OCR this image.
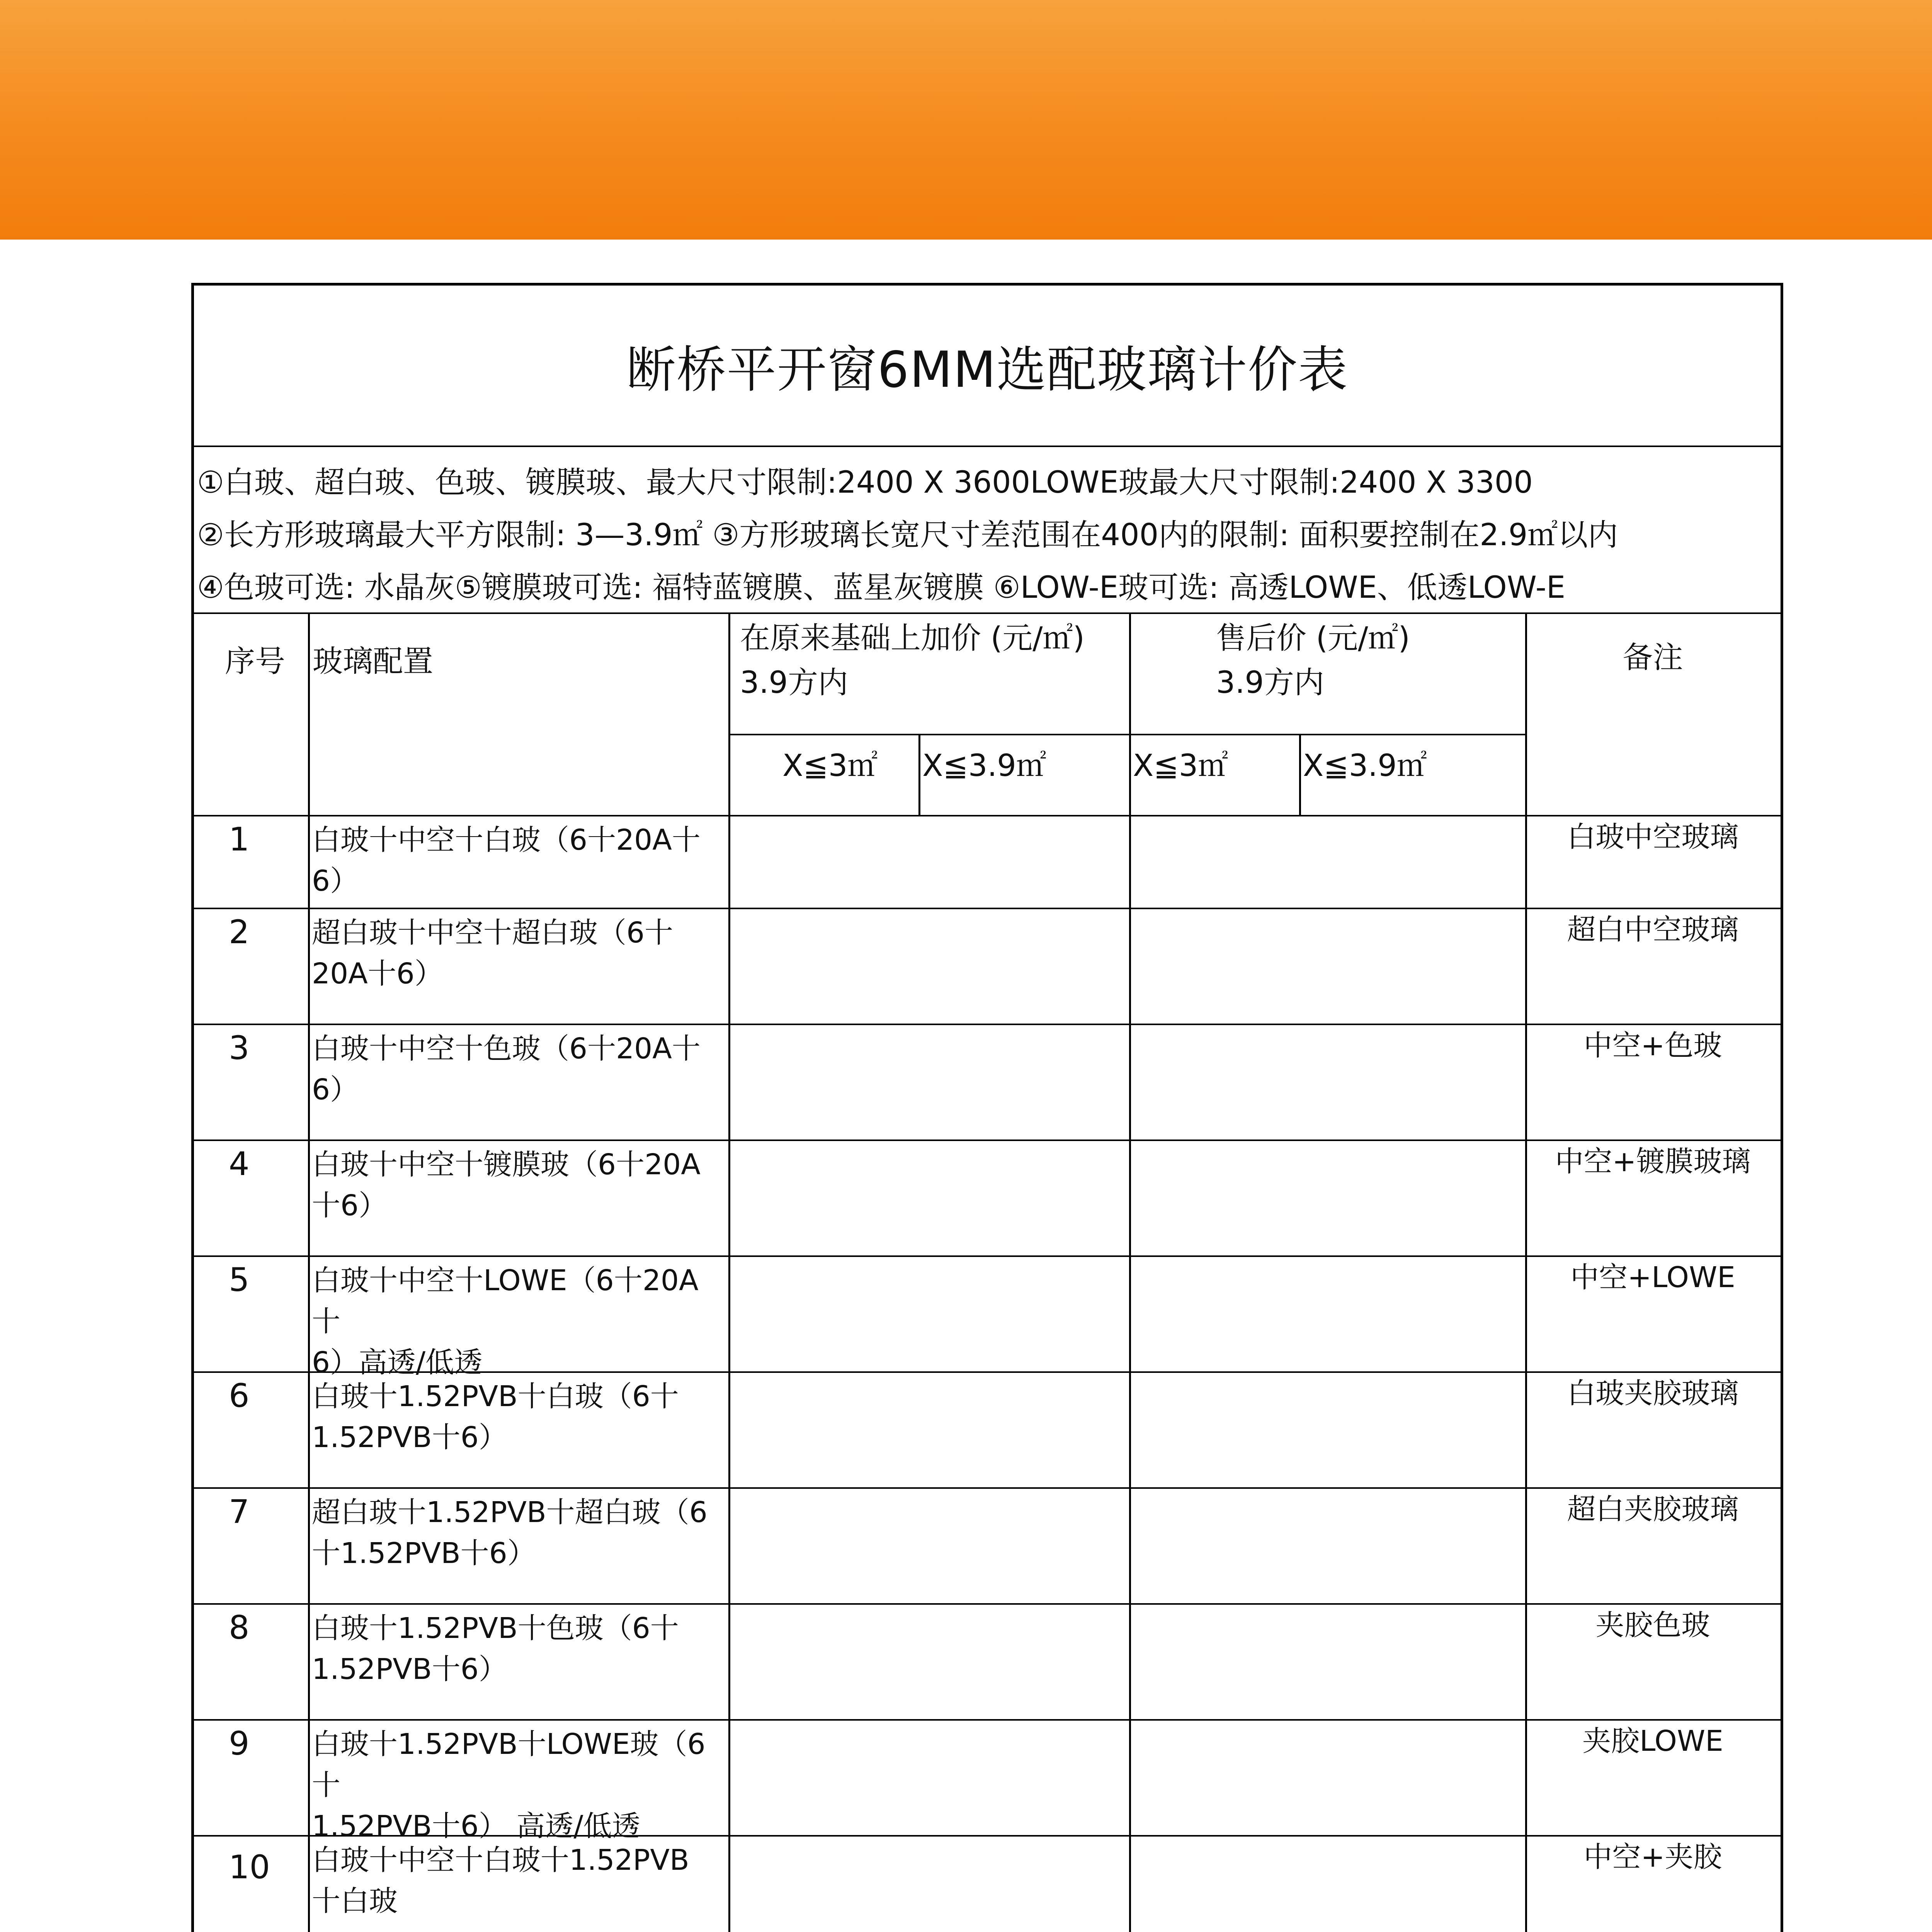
断桥平开窗6MM选配玻璃计价表
①白玻、超白玻、色玻、镀膜玻、最大尺寸限制:2400 X 3600LOWE玻最大尺寸限制:2400 X 3300
②长方形玻璃最大平方限制: 3—3.9㎡ ③方形玻璃长宽尺寸差范围在400内的限制: 面积要控制在2.9㎡以内
④色玻可选: 水晶灰⑤镀膜玻可选: 福特蓝镀膜、蓝星灰镀膜 ⑥LOW-E玻可选: 高透LOWE、低透LOW-E
序号 玻璃配置
在原来基础上加价 (元/㎡)
3.9方内
售后价 (元/㎡)
3.9方内
备注
X≦3㎡ X≦3.9㎡	X≦3㎡ X≦3.9㎡
1 白玻十中空十白玻（6十20A十
6）
白玻中空玻璃
2 超白玻十中空十超白玻（6十
20A十6）
超白中空玻璃
3 白玻十中空十色玻（6十20A十
6）
中空+色玻
4 白玻十中空十镀膜玻（6十20A
十6）
中空+镀膜玻璃
5 白玻十中空十LOWE（6十20A十
6）高透/低透
中空+LOWE
6 白玻十1.52PVB十白玻（6十
1.52PVB十6）
白玻夹胶玻璃
7 超白玻十1.52PVB十超白玻（6
十1.52PVB十6）
超白夹胶玻璃
8 白玻十1.52PVB十色玻（6十
1.52PVB十6）
夹胶色玻
9 白玻十1.52PVB十LOWE玻（6十
1.52PVB十6） 高透/低透
夹胶LOWE
10 白玻十中空十白玻十1.52PVB
十白玻

中空+夹胶
